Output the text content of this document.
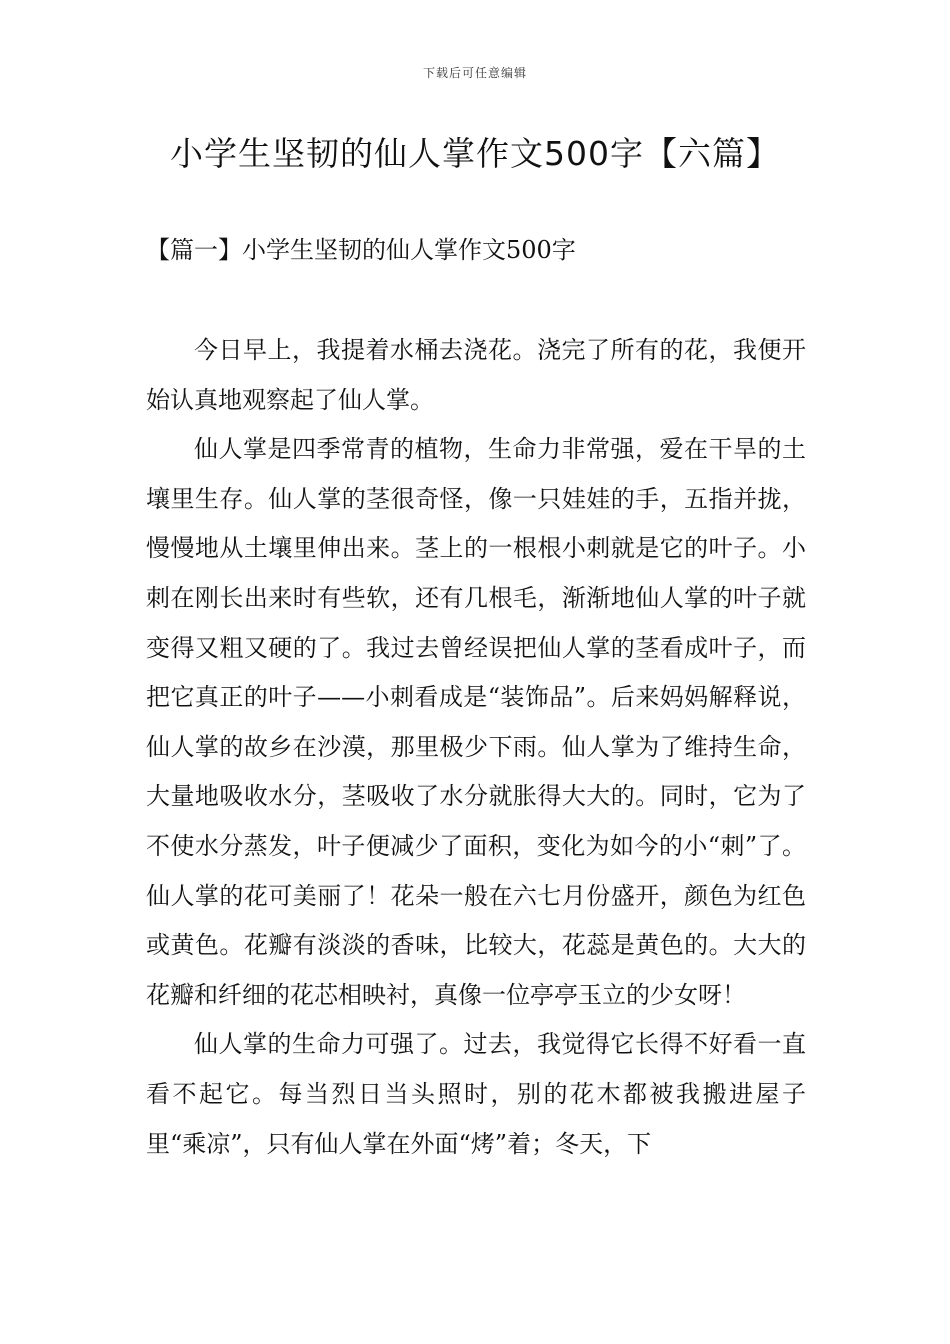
下载后可任意编辑
小学生坚韧的仙人掌作文500字【六篇】
【篇一】小学生坚韧的仙人掌作文500字

今日早上，我提着水桶去浇花。浇完了所有的花，我便开始认真地观察起了仙人掌。

仙人掌是四季常青的植物，生命力非常强，爱在干旱的土壤里生存。仙人掌的茎很奇怪，像一只娃娃的手，五指并拢，慢慢地从土壤里伸出来。茎上的一根根小刺就是它的叶子。小刺在刚长出来时有些软，还有几根毛，渐渐地仙人掌的叶子就变得又粗又硬的了。我过去曾经误把仙人掌的茎看成叶子，而把它真正的叶子——小刺看成是“装饰品”。后来妈妈解释说，仙人掌的故乡在沙漠，那里极少下雨。仙人掌为了维持生命，大量地吸收水分，茎吸收了水分就胀得大大的。同时，它为了不使水分蒸发，叶子便减少了面积，变化为如今的小“刺”了。仙人掌的花可美丽了！花朵一般在六七月份盛开，颜色为红色或黄色。花瓣有淡淡的香味，比较大，花蕊是黄色的。大大的花瓣和纤细的花芯相映衬，真像一位亭亭玉立的少女呀！

仙人掌的生命力可强了。过去，我觉得它长得不好看一直看不起它。每当烈日当头照时，别的花木都被我搬进屋子里“乘凉”，只有仙人掌在外面“烤”着；冬天，下
